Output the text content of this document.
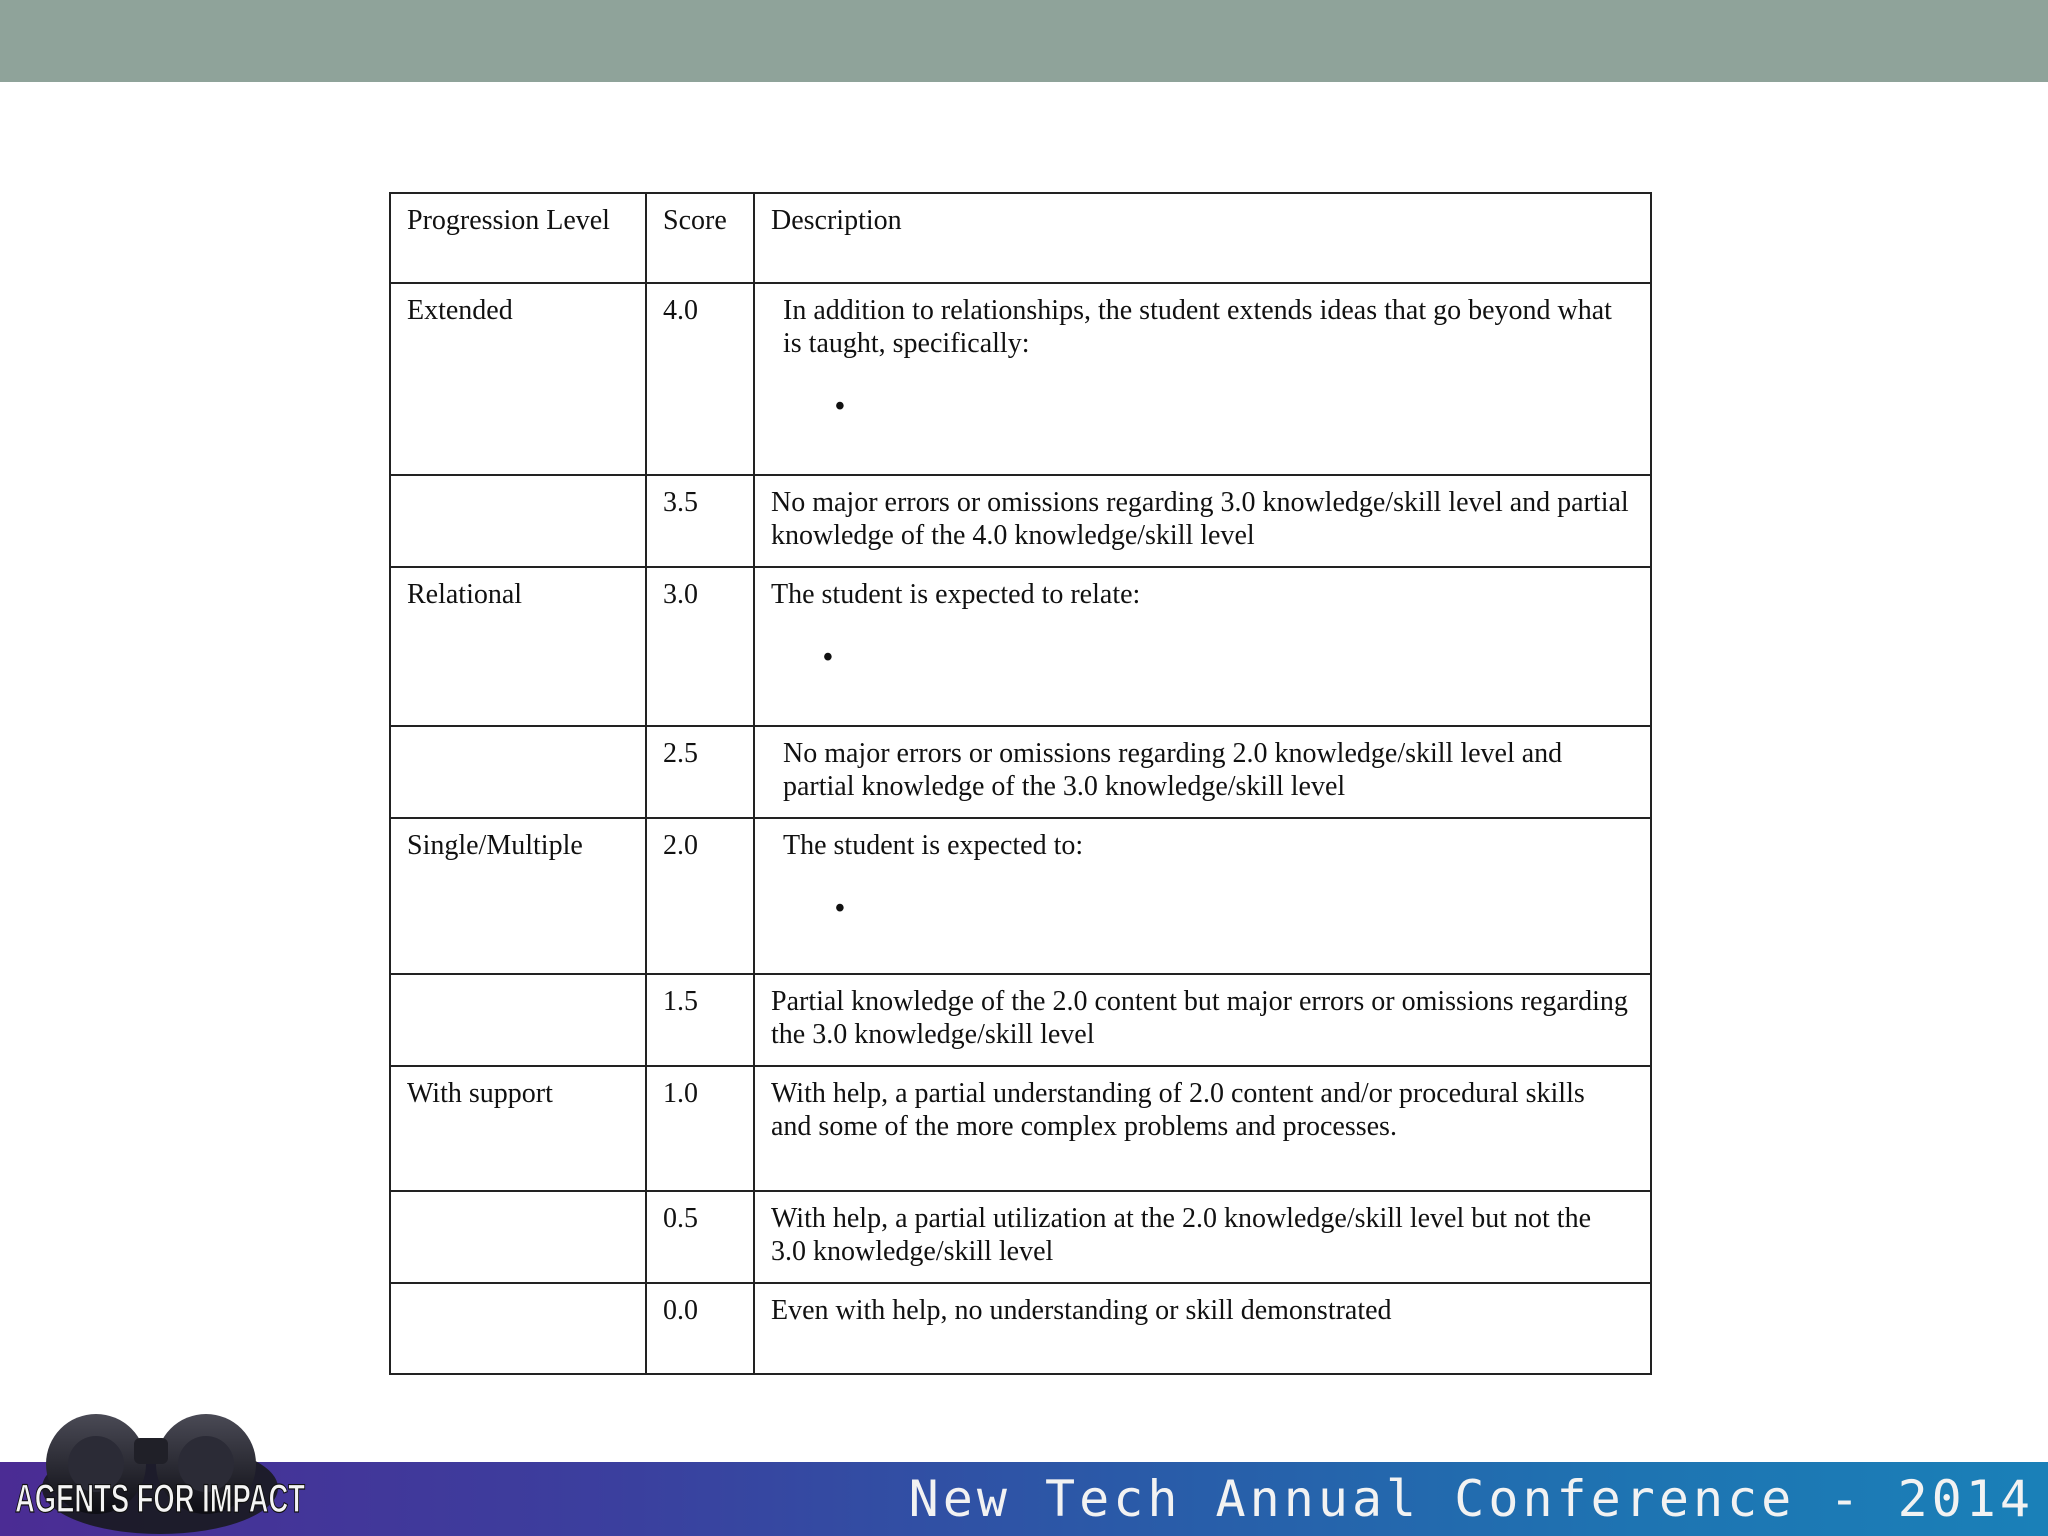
Progression Level	Score	Description
Extended	4.0	In addition to relationships, the student extends ideas that go beyond what is taught, specifically:
•

	3.5	No major errors or omissions regarding 3.0 knowledge/skill level and partial knowledge of the 4.0 knowledge/skill level
Relational	3.0	The student is expected to relate:
•

	2.5	No major errors or omissions regarding 2.0 knowledge/skill level and partial knowledge of the 3.0 knowledge/skill level
Single/Multiple	2.0	The student is expected to:
•

	1.5	Partial knowledge of the 2.0 content but major errors or omissions regarding the 3.0 knowledge/skill level
With support	1.0	With help, a partial understanding of 2.0 content and/or procedural skills and some of the more complex problems and processes.
	0.5	With help, a partial utilization at the 2.0 knowledge/skill level but not the 3.0 knowledge/skill level
	0.0	Even with help, no understanding or skill demonstrated
AGENTS FOR IMPACT	New Tech Annual Conference - 2014
